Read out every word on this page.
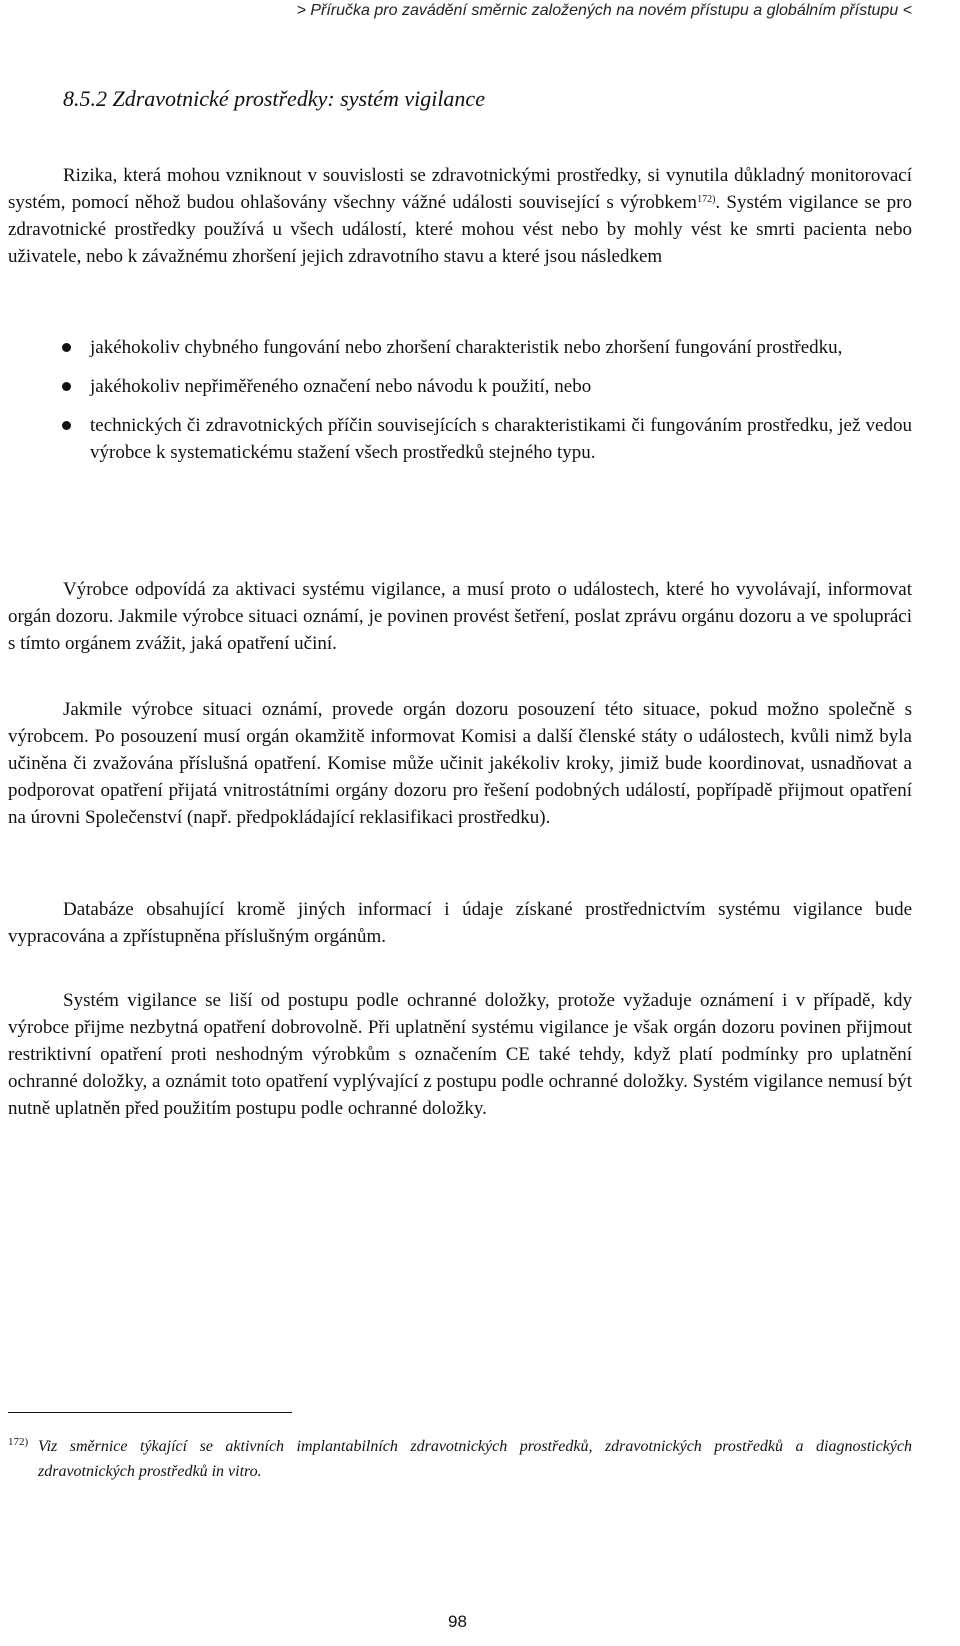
> Příručka pro zavádění směrnic založených na novém přístupu a globálním přístupu <
8.5.2 Zdravotnické prostředky: systém vigilance

Rizika, která mohou vzniknout v souvislosti se zdravotnickými prostředky, si vynutila důkladný monitorovací systém, pomocí něhož budou ohlašovány všechny vážné události související s výrobkem$^{172)}$. Systém vigilance se pro zdravotnické prostředky používá u všech událostí, které mohou vést nebo by mohly vést ke smrti pacienta nebo uživatele, nebo k závažnému zhoršení jejich zdravotního stavu a které jsou následkem

jakéhokoliv chybného fungování nebo zhoršení charakteristik nebo zhoršení fungování prostředku,
jakéhokoliv nepřiměřeného označení nebo návodu k použití, nebo
technických či zdravotnických příčin souvisejících s charakteristikami či fungováním prostředku, jež vedou výrobce k systematickému stažení všech prostředků stejného typu.

Výrobce odpovídá za aktivaci systému vigilance, a musí proto o událostech, které ho vyvolávají, informovat orgán dozoru. Jakmile výrobce situaci oznámí, je povinen provést šetření, poslat zprávu orgánu dozoru a ve spolupráci s tímto orgánem zvážit, jaká opatření učiní.

Jakmile výrobce situaci oznámí, provede orgán dozoru posouzení této situace, pokud možno společně s výrobcem. Po posouzení musí orgán okamžitě informovat Komisi a další členské státy o událostech, kvůli nimž byla učiněna či zvažována příslušná opatření. Komise může učinit jakékoliv kroky, jimiž bude koordinovat, usnadňovat a podporovat opatření přijatá vnitrostátními orgány dozoru pro řešení podobných událostí, popřípadě přijmout opatření na úrovni Společenství (např. předpokládající reklasifikaci prostředku).

Databáze obsahující kromě jiných informací i údaje získané prostřednictvím systému vigilance bude vypracována a zpřístupněna příslušným orgánům.

Systém vigilance se liší od postupu podle ochranné doložky, protože vyžaduje oznámení i v případě, kdy výrobce přijme nezbytná opatření dobrovolně. Při uplatnění systému vigilance je však orgán dozoru povinen přijmout restriktivní opatření proti neshodným výrobkům s označením CE také tehdy, když platí podmínky pro uplatnění ochranné doložky, a oznámit toto opatření vyplývající z postupu podle ochranné doložky. Systém vigilance nemusí být nutně uplatněn před použitím postupu podle ochranné doložky.

172) Viz směrnice týkající se aktivních implantabilních zdravotnických prostředků, zdravotnických prostředků a diagnostických zdravotnických prostředků in vitro.
98
